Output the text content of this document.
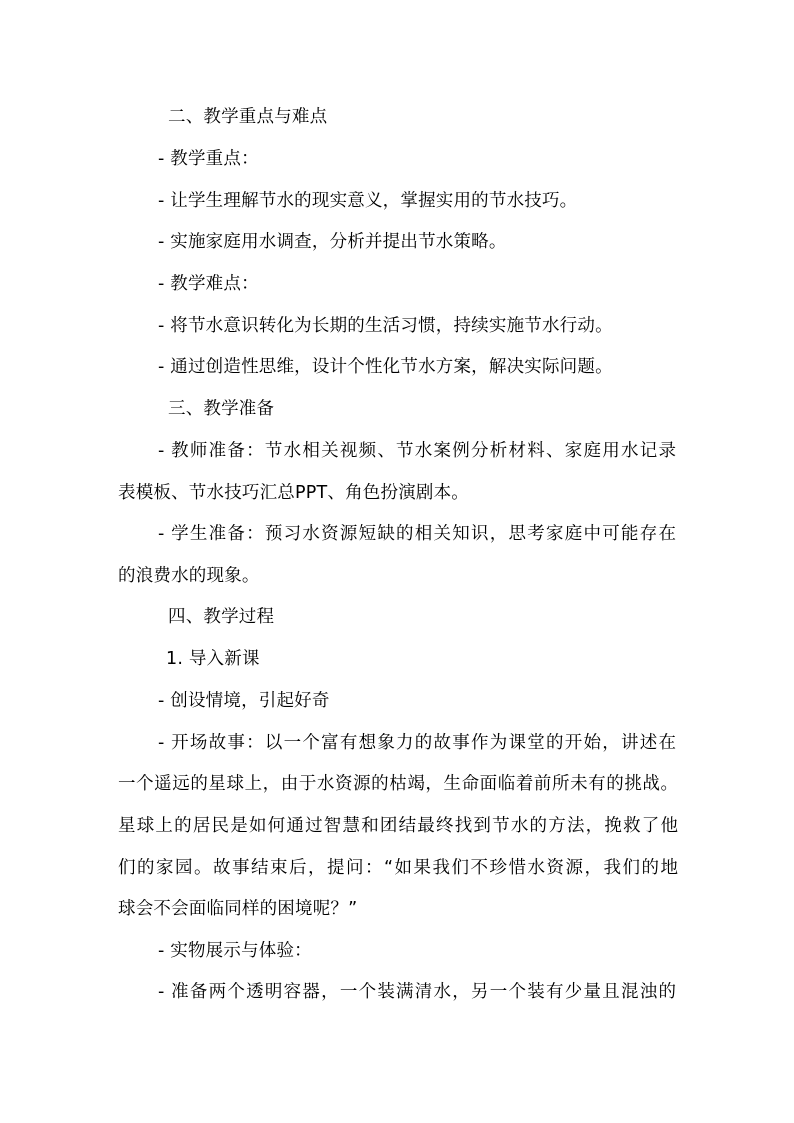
二、教学重点与难点
- 教学重点：
- 让学生理解节水的现实意义，掌握实用的节水技巧。
- 实施家庭用水调查，分析并提出节水策略。
- 教学难点：
- 将节水意识转化为长期的生活习惯，持续实施节水行动。
- 通过创造性思维，设计个性化节水方案，解决实际问题。
三、教学准备
- 教师准备：节水相关视频、节水案例分析材料、家庭用水记录
表模板、节水技巧汇总PPT、角色扮演剧本。
- 学生准备：预习水资源短缺的相关知识，思考家庭中可能存在
的浪费水的现象。
四、教学过程
1. 导入新课
- 创设情境，引起好奇
- 开场故事：以一个富有想象力的故事作为课堂的开始，讲述在
一个遥远的星球上，由于水资源的枯竭，生命面临着前所未有的挑战。
星球上的居民是如何通过智慧和团结最终找到节水的方法，挽救了他
们的家园。故事结束后，提问：“如果我们不珍惜水资源，我们的地
球会不会面临同样的困境呢？”
- 实物展示与体验：
- 准备两个透明容器，一个装满清水，另一个装有少量且混浊的
